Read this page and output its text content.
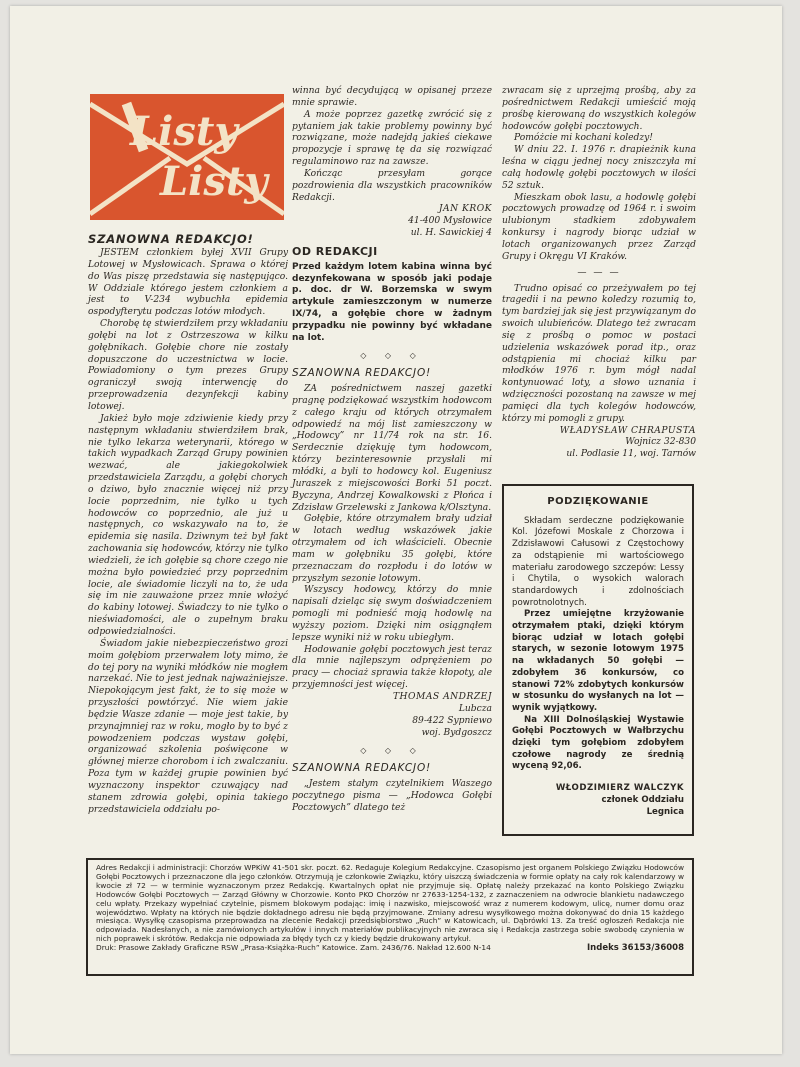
Listy
Listy
SZANOWNA REDAKCJO!

JESTEM członkiem byłej XVII Grupy Lotowej w Mysłowicach. Sprawa o której do Was piszę przedstawia się następująco. W Oddziale którego jestem członkiem a jest to V-234 wybuchła epidemia ospodyfterytu podczas lotów młodych.

Chorobę tę stwierdziłem przy wkładaniu gołębi na lot z Ostrzeszowa w kilku gołębnikach. Gołębie chore nie zostały dopuszczone do uczestnictwa w locie. Powiadomiony o tym prezes Grupy ograniczył swoją interwencję do przeprowadzenia dezynfekcji kabiny lotowej.

Jakież było moje zdziwienie kiedy przy następnym wkładaniu stwierdziłem brak, nie tylko lekarza weterynarii, którego w takich wypadkach Zarząd Grupy powinien wezwać, ale jakiegokolwiek przedstawiciela Zarządu, a gołębi chorych o dziwo, było znacznie więcej niż przy locie poprzednim, nie tylko u tych hodowców co poprzednio, ale już u następnych, co wskazywało na to, że epidemia się nasila. Dziwnym też był fakt zachowania się hodowców, którzy nie tylko wiedzieli, że ich gołębie są chore czego nie można było powiedzieć przy poprzednim locie, ale świadomie liczyli na to, że uda się im nie zauważone przez mnie włożyć do kabiny lotowej. Świadczy to nie tylko o nieświadomości, ale o zupełnym braku odpowiedzialności.

Świadom jakie niebezpieczeństwo grozi moim gołębiom przerwałem loty mimo, że do tej pory na wyniki młódków nie mogłem narzekać. Nie to jest jednak najważniejsze. Niepokojącym jest fakt, że to się może w przyszłości powtórzyć. Nie wiem jakie będzie Wasze zdanie — moje jest takie, by przynajmniej raz w roku, mogło by to być z powodzeniem podczas wystaw gołębi, organizować szkolenia poświęcone w głównej mierze chorobom i ich zwalczaniu. Poza tym w każdej grupie powinien być wyznaczony inspektor czuwający nad stanem zdrowia gołębi, opinia takiego przedstawiciela oddziału po-

winna być decydującą w opisanej przeze mnie sprawie.

A może poprzez gazetkę zwrócić się z pytaniem jak takie problemy powinny być rozwiązane, może nadejdą jakieś ciekawe propozycje i sprawę tę da się rozwiązać regulaminowo raz na zawsze.

Kończąc przesyłam gorące pozdrowienia dla wszystkich pracowników Redakcji.

JAN KROK
41-400 Mysłowice
ul. H. Sawickiej 4
OD REDAKCJI
Przed każdym lotem kabina winna być dezynfekowana w sposób jaki podaje p. doc. dr W. Borzemska w swym artykule zamieszczonym w numerze IX/74, a gołębie chore w żadnym przypadku nie powinny być wkładane na lot.
◇ ◇ ◇
SZANOWNA REDAKCJO!

ZA pośrednictwem naszej gazetki pragnę podziękować wszystkim hodowcom z całego kraju od których otrzymałem odpowiedź na mój list zamieszczony w „Hodowcy” nr 11/74 rok na str. 16. Serdecznie dziękuję tym hodowcom, którzy bezinteresownie przysłali mi młódki, a byli to hodowcy kol. Eugeniusz Juraszek z miejscowości Borki 51 poczt. Byczyna, Andrzej Kowalkowski z Płońca i Zdzisław Grzelewski z Jankowa k/Olsztyna.

Gołębie, które otrzymałem brały udział w lotach według wskazówek jakie otrzymałem od ich właścicieli. Obecnie mam w gołębniku 35 gołębi, które przeznaczam do rozpłodu i do lotów w przyszłym sezonie lotowym.

Wszyscy hodowcy, którzy do mnie napisali dzieląc się swym doświadczeniem pomogli mi podnieść moją hodowlę na wyższy poziom. Dzięki nim osiągnąłem lepsze wyniki niż w roku ubiegłym.

Hodowanie gołębi pocztowych jest teraz dla mnie najlepszym odprężeniem po pracy — chociaż sprawia także kłopoty, ale przyjemności jest więcej.

THOMAS ANDRZEJ
Lubcza
89-422 Sypniewo
woj. Bydgoszcz
◇ ◇ ◇
SZANOWNA REDAKCJO!

„Jestem stałym czytelnikiem Waszego poczytnego pisma — „Hodowca Gołębi Pocztowych” dlatego też

zwracam się z uprzejmą prośbą, aby za pośrednictwem Redakcji umieścić moją prośbę kierowaną do wszystkich kolegów hodowców gołębi pocztowych.

Pomóżcie mi kochani koledzy!

W dniu 22. I. 1976 r. drapieżnik kuna leśna w ciągu jednej nocy zniszczyła mi całą hodowlę gołębi pocztowych w ilości 52 sztuk.

Mieszkam obok lasu, a hodowlę gołębi pocztowych prowadzę od 1964 r. i swoim ulubionym stadkiem zdobywałem konkursy i nagrody biorąc udział w lotach organizowanych przez Zarząd Grupy i Okręgu VI Kraków.

— — —

Trudno opisać co przeżywałem po tej tragedii i na pewno koledzy rozumią to, tym bardziej jak się jest przywiązanym do swoich ulubieńców. Dlatego też zwracam się z prośbą o pomoc w postaci udzielenia wskazówek porad itp., oraz odstąpienia mi chociaż kilku par młodków 1976 r. bym mógł nadal kontynuować loty, a słowo uznania i wdzięczności pozostaną na zawsze w mej pamięci dla tych kolegów hodowców, którzy mi pomogli z grupy.

WŁADYSŁAW CHRAPUSTA
Wojnicz 32-830
ul. Podlasie 11, woj. Tarnów
PODZIĘKOWANIE

Składam serdeczne podziękowanie Kol. Józefowi Moskale z Chorzowa i Zdzisławowi Całusowi z Częstochowy za odstąpienie mi wartościowego materiału zarodowego szczepów: Lessy i Chytila, o wysokich walorach standardowych i zdolnościach powrotnolotnych.

Przez umiejętne krzyżowanie otrzymałem ptaki, dzięki którym biorąc udział w lotach gołębi starych, w sezonie lotowym 1975 na wkładanych 50 gołębi — zdobyłem 36 konkursów, co stanowi 72% zdobytych konkursów w stosunku do wysłanych na lot — wynik wyjątkowy.

Na XIII Dolnośląskiej Wystawie Gołębi Pocztowych w Wałbrzychu dzięki tym gołębiom zdobyłem czołowe nagrody ze średnią wyceną 92,06.

WŁODZIMIERZ WALCZYK
członek Oddziału
Legnica

Adres Redakcji i administracji: Chorzów WPKiW 41-501 skr. poczt. 62. Redaguje Kolegium Redakcyjne. Czasopismo jest organem Polskiego Związku Hodowców Gołębi Pocztowych i przeznaczone dla jego członków. Otrzymują je członkowie Związku, który uiszczą świadczenia w formie opłaty na cały rok kalendarzowy w kwocie zł 72 — w terminie wyznaczonym przez Redakcję. Kwartalnych opłat nie przyjmuje się. Opłatę należy przekazać na konto Polskiego Związku Hodowców Gołębi Pocztowych — Zarząd Główny w Chorzowie. Konto PKO Chorzów nr 27633-1254-132, z zaznaczeniem na odwrocie blankietu nadawczego celu wpłaty. Przekazy wypełniać czytelnie, pismem blokowym podając: imię i nazwisko, miejscowość wraz z numerem kodowym, ulicę, numer domu oraz województwo. Wpłaty na których nie będzie dokładnego adresu nie będą przyjmowane. Zmiany adresu wysyłkowego można dokonywać do dnia 15 każdego miesiąca. Wysyłkę czasopisma przeprowadza na zlecenie Redakcji przedsiębiorstwo „Ruch” w Katowicach, ul. Dąbrówki 13. Za treść ogłoszeń Redakcja nie odpowiada. Nadesłanych, a nie zamówionych artykułów i innych materiałów publikacyjnych nie zwraca się i Redakcja zastrzega sobie swobodę czynienia w nich poprawek i skrótów. Redakcja nie odpowiada za błędy tych cz y kiedy będzie drukowany artykuł.

Druk: Prasowe Zakłady Graficzne RSW „Prasa-Książka-Ruch” Katowice. Zam. 2436/76. Nakład 12.600 N-14	Indeks 36153/36008
